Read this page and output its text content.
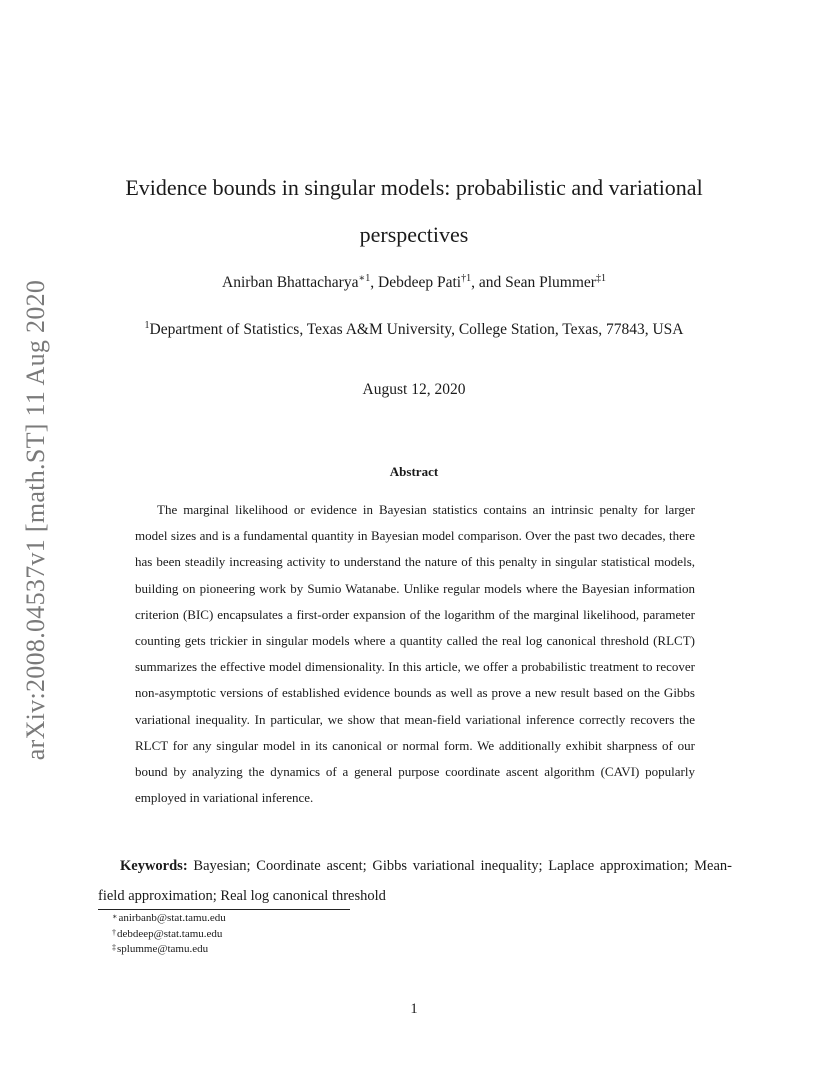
arXiv:2008.04537v1 [math.ST] 11 Aug 2020
Evidence bounds in singular models: probabilistic and variational
perspectives
Anirban Bhattacharya$^{∗1}$, Debdeep Pati$^{\dagger 1}$, and Sean Plummer$^{\ddagger 1}$
$^1$Department of Statistics, Texas A&M University, College Station, Texas, 77843, USA
August 12, 2020
Abstract

The marginal likelihood or evidence in Bayesian statistics contains an intrinsic penalty for larger model sizes and is a fundamental quantity in Bayesian model comparison. Over the past two decades, there has been steadily increasing activity to understand the nature of this penalty in singular statistical models, building on pioneering work by Sumio Watanabe. Unlike regular models where the Bayesian information criterion (BIC) encapsulates a first-order expansion of the logarithm of the marginal likelihood, parameter counting gets trickier in singular models where a quantity called the real log canonical threshold (RLCT) summarizes the effective model dimensionality. In this article, we offer a probabilistic treatment to recover non-asymptotic versions of established evidence bounds as well as prove a new result based on the Gibbs variational inequality. In particular, we show that mean-field variational inference correctly recovers the RLCT for any singular model in its canonical or normal form. We additionally exhibit sharpness of our bound by analyzing the dynamics of a general purpose coordinate ascent algorithm (CAVI) popularly employed in variational inference.

Keywords: Bayesian; Coordinate ascent; Gibbs variational inequality; Laplace approximation; Mean-field approximation; Real log canonical threshold

∗anirbanb@stat.tamu.edu
†debdeep@stat.tamu.edu
‡splumme@tamu.edu
1
